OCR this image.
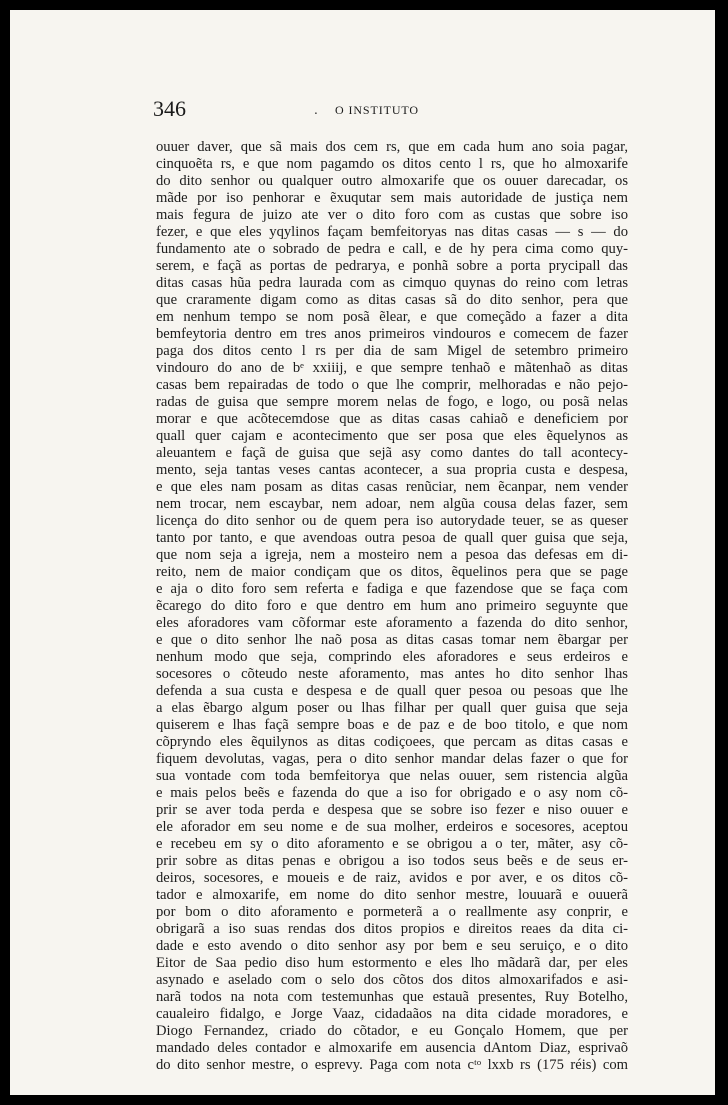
346	. O INSTITUTO
ouuer daver, que sã mais dos cem rs, que em cada hum ano soia pagar,
cinquoẽta rs, e que nom pagamdo os ditos cento l rs, que ho almoxarife
do dito senhor ou qualquer outro almoxarife que os ouuer darecadar, os
mãde por iso penhorar e ẽxuqutar sem mais autoridade de justiça nem
mais fegura de juizo ate ver o dito foro com as custas que sobre iso
fezer, e que eles yqylinos façam bemfeitoryas nas ditas casas — s — do
fundamento ate o sobrado de pedra e call, e de hy pera cima como quy-
serem, e façã as portas de pedrarya, e ponhã sobre a porta prycipall das
ditas casas hũa pedra laurada com as cimquo quynas do reino com letras
que craramente digam como as ditas casas sã do dito senhor, pera que
em nenhum tempo se nom posã ẽlear, e que começãdo a fazer a dita
bemfeytoria dentro em tres anos primeiros vindouros e comecem de fazer
paga dos ditos cento l rs per dia de sam Migel de setembro primeiro
vindouro do ano de bᵉ xxiiij, e que sempre tenhaõ e mãtenhaõ as ditas
casas bem repairadas de todo o que lhe comprir, melhoradas e não pejo-
radas de guisa que sempre morem nelas de fogo, e logo, ou posã nelas
morar e que acõtecemdose que as ditas casas cahiaõ e deneficiem por
quall quer cajam e acontecimento que ser posa que eles ẽquelynos as
aleuantem e façã de guisa que sejã asy como dantes do tall acontecy-
mento, seja tantas veses cantas acontecer, a sua propria custa e despesa,
e que eles nam posam as ditas casas renũciar, nem ẽcanpar, nem vender
nem trocar, nem escaybar, nem adoar, nem algũa cousa delas fazer, sem
licença do dito senhor ou de quem pera iso autorydade teuer, se as queser
tanto por tanto, e que avendoas outra pesoa de quall quer guisa que seja,
que nom seja a igreja, nem a mosteiro nem a pesoa das defesas em di-
reito, nem de maior condiçam que os ditos, ẽquelinos pera que se page
e aja o dito foro sem referta e fadiga e que fazendose que se faça com
ẽcarego do dito foro e que dentro em hum ano primeiro seguynte que
eles aforadores vam cõformar este aforamento a fazenda do dito senhor,
e que o dito senhor lhe naõ posa as ditas casas tomar nem ẽbargar per
nenhum modo que seja, comprindo eles aforadores e seus erdeiros e
socesores o cõteudo neste aforamento, mas antes ho dito senhor lhas
defenda a sua custa e despesa e de quall quer pesoa ou pesoas que lhe
a elas ẽbargo algum poser ou lhas filhar per quall quer guisa que seja
quiserem e lhas façã sempre boas e de paz e de boo titolo, e que nom
cõpryndo eles ẽquilynos as ditas codiçoees, que percam as ditas casas e
fiquem devolutas, vagas, pera o dito senhor mandar delas fazer o que for
sua vontade com toda bemfeitorya que nelas ouuer, sem ristencia algũa
e mais pelos beẽs e fazenda do que a iso for obrigado e o asy nom cõ-
prir se aver toda perda e despesa que se sobre iso fezer e niso ouuer e
ele aforador em seu nome e de sua molher, erdeiros e socesores, aceptou
e recebeu em sy o dito aforamento e se obrigou a o ter, mãter, asy cõ-
prir sobre as ditas penas e obrigou a iso todos seus beẽs e de seus er-
deiros, socesores, e moueis e de raiz, avidos e por aver, e os ditos cõ-
tador e almoxarife, em nome do dito senhor mestre, louuarã e ouuerã
por bom o dito aforamento e pormeterã a o reallmente asy conprir, e
obrigarã a iso suas rendas dos ditos propios e direitos reaes da dita ci-
dade e esto avendo o dito senhor asy por bem e seu seruiço, e o dito
Eitor de Saa pedio diso hum estormento e eles lho mãdarã dar, per eles
asynado e aselado com o selo dos cõtos dos ditos almoxarifados e asi-
narã todos na nota com testemunhas que estauã presentes, Ruy Botelho,
caualeiro fidalgo, e Jorge Vaaz, cidadaãos na dita cidade moradores, e
Diogo Fernandez, criado do cõtador, e eu Gonçalo Homem, que per
mandado deles contador e almoxarife em ausencia dAntom Diaz, esprivaõ
do dito senhor mestre, o esprevy. Paga com nota cᵗᵒ lxxb rs (175 réis) com
